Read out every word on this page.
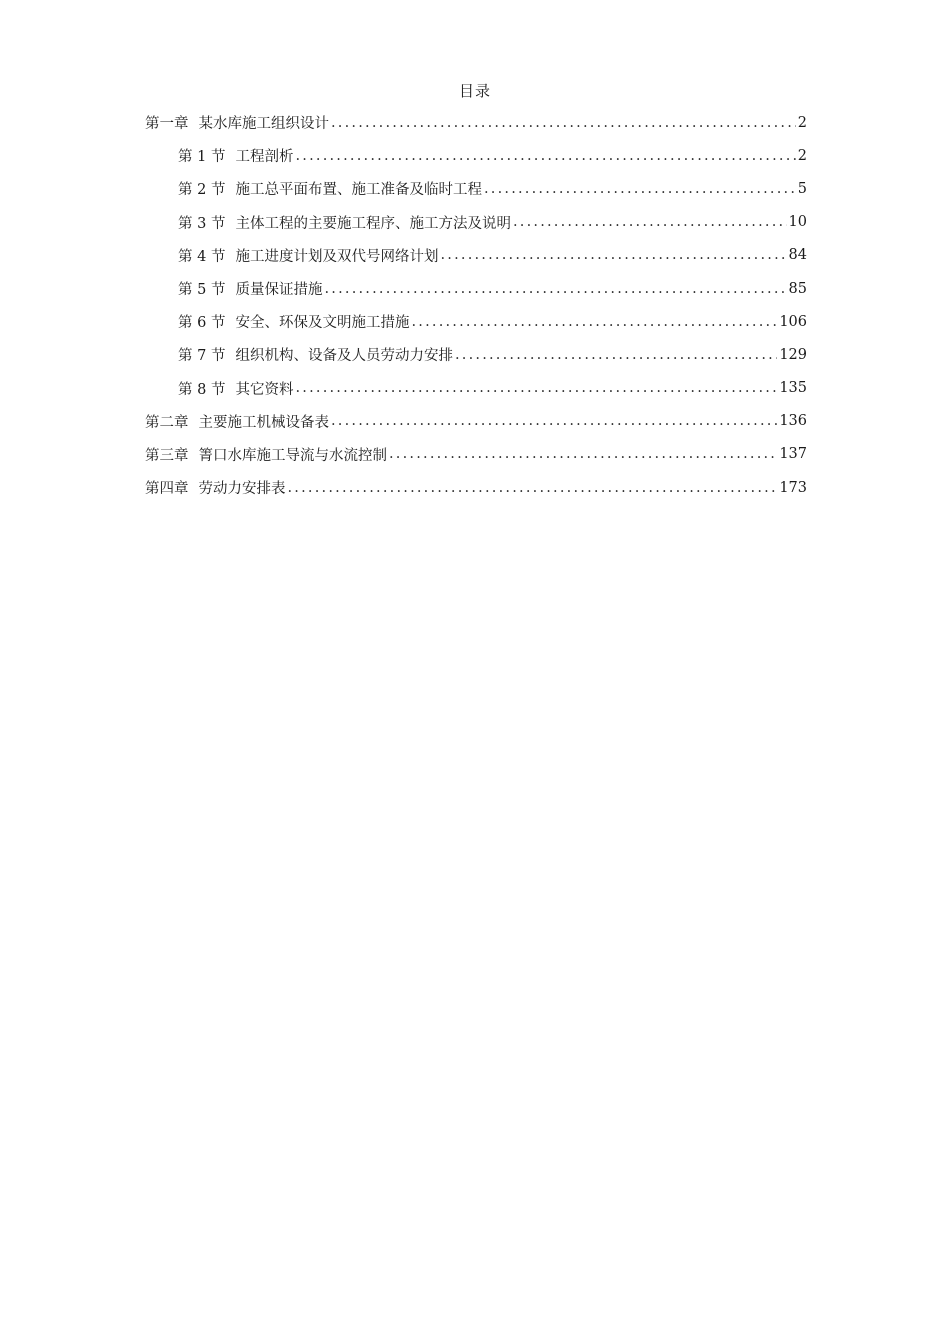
目录
第一章 某水库施工组织设计 .....	2
第 1 节 工程剖析 .....	2
第 2 节 施工总平面布置、施工准备及临时工程 .....	5
第 3 节 主体工程的主要施工程序、施工方法及说明 .....	10
第 4 节 施工进度计划及双代号网络计划 .....	84
第 5 节 质量保证措施 .....	85
第 6 节 安全、环保及文明施工措施 .....	106
第 7 节 组织机构、设备及人员劳动力安排 .....	129
第 8 节 其它资料 .....	135
第二章 主要施工机械设备表 .....	136
第三章 箐口水库施工导流与水流控制 .....	137
第四章 劳动力安排表 .....	173
